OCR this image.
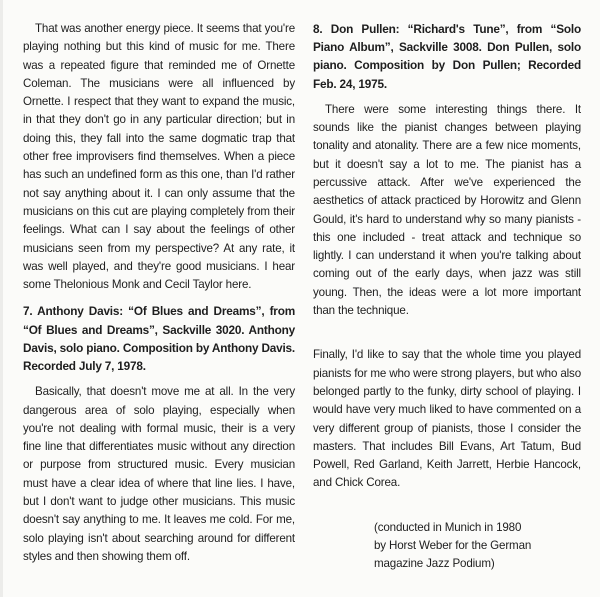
That was another energy piece. It seems that you're playing nothing but this kind of music for me. There was a repeated figure that reminded me of Ornette Coleman. The musicians were all influenced by Ornette. I respect that they want to expand the music, in that they don't go in any particular direction; but in doing this, they fall into the same dogmatic trap that other free improvisers find themselves. When a piece has such an undefined form as this one, than I'd rather not say anything about it. I can only assume that the musicians on this cut are playing completely from their feelings. What can I say about the feelings of other musicians seen from my perspective? At any rate, it was well played, and they're good musicians. I hear some Thelonious Monk and Cecil Taylor here.

7. Anthony Davis: “Of Blues and Dreams”, from “Of Blues and Dreams”, Sackville 3020. Anthony Davis, solo piano. Composition by Anthony Davis. Recorded July 7, 1978.

Basically, that doesn't move me at all. In the very dangerous area of solo playing, especially when you're not dealing with formal music, their is a very fine line that differentiates music without any direction or purpose from structured music. Every musician must have a clear idea of where that line lies. I have, but I don't want to judge other musicians. This music doesn't say anything to me. It leaves me cold. For me, solo playing isn't about searching around for different styles and then showing them off.

8. Don Pullen: “Richard's Tune”, from “Solo Piano Album”, Sackville 3008. Don Pullen, solo piano. Composition by Don Pullen; Recorded Feb. 24, 1975.

There were some interesting things there. It sounds like the pianist changes between playing tonality and atonality. There are a few nice moments, but it doesn't say a lot to me. The pianist has a percussive attack. After we've experienced the aesthetics of attack practiced by Horowitz and Glenn Gould, it's hard to understand why so many pianists - this one included - treat attack and technique so lightly. I can understand it when you're talking about coming out of the early days, when jazz was still young. Then, the ideas were a lot more important than the technique.

Finally, I'd like to say that the whole time you played pianists for me who were strong players, but who also belonged partly to the funky, dirty school of playing. I would have very much liked to have commented on a very different group of pianists, those I consider the masters. That includes Bill Evans, Art Tatum, Bud Powell, Red Garland, Keith Jarrett, Herbie Hancock, and Chick Corea.

(conducted in Munich in 1980
by Horst Weber for the German
magazine Jazz Podium)
